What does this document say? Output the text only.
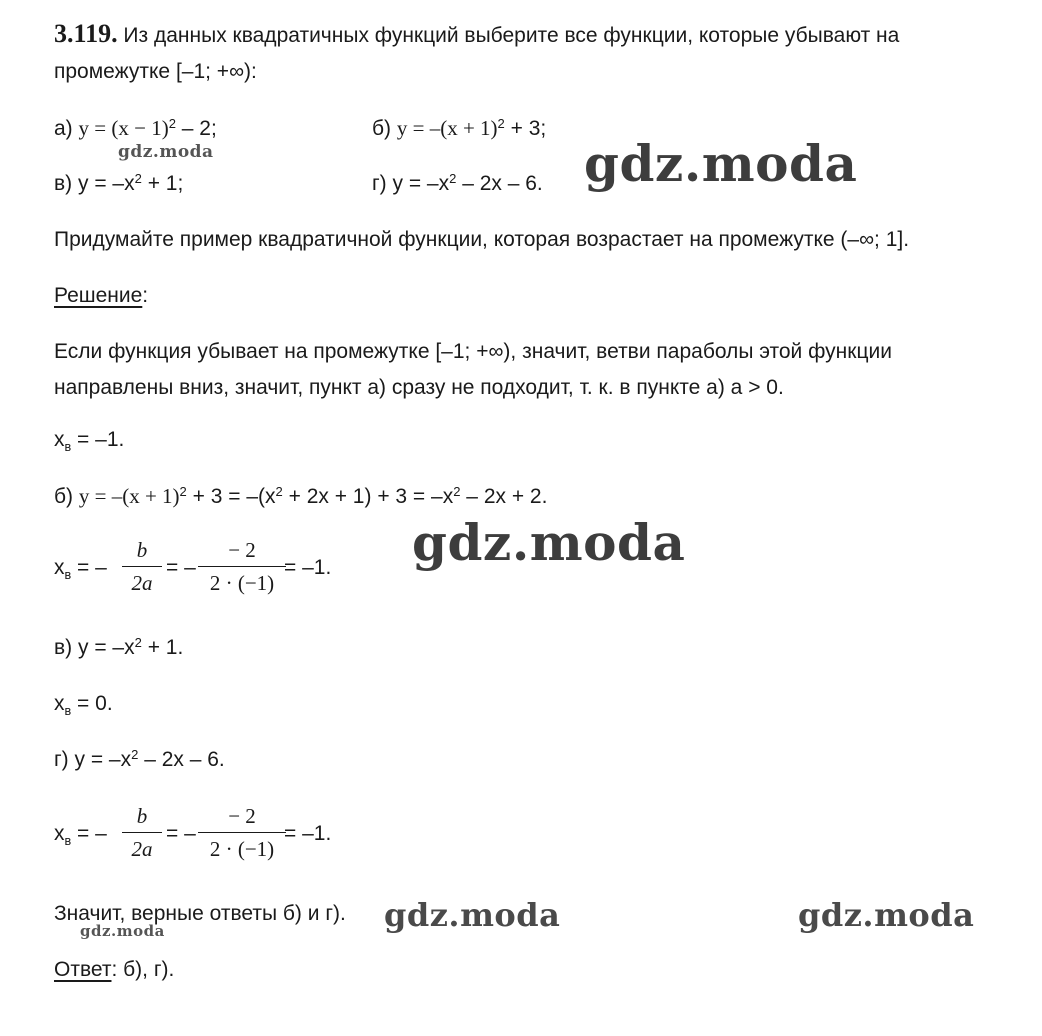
3.119. Из данных квадратичных функций выберите все функции, которые убывают на
промежутке [–1; +∞):
а) $у = (х - 1)^2 - 2$;	б) $у = -(х + 1)^2 + 3$;
в) $у = -х^2 + 1$;	г) $у = -х^2 - 2х - 6$.
Придумайте пример квадратичной функции, которая возрастает на промежутке (–∞; 1].
Решение:
Если функция убывает на промежутке [–1; +∞), значит, ветви параболы этой функции
направлены вниз, значит, пункт а) сразу не подходит, т. к. в пункте а) a > 0.
$х_в = -1$.
б) $у = -(х + 1)^2 + 3 = -(х^2 + 2х + 1) + 3 = -х^2 - 2х + 2$.
$х_в$ = –
b
2a
= –
− 2
2 · (−1)
= –1.
в) $у = -х^2 + 1$.
$х_в = 0$.
г) $у = -х^2 - 2х - 6$.
$х_в$ = –
b
2a
= –
− 2
2 · (−1)
= –1.
Значит, верные ответы б) и г).
Ответ: б), г).
gdz.moda	gdz.moda
gdz.moda
gdz.moda	gdz.moda
gdz.moda
